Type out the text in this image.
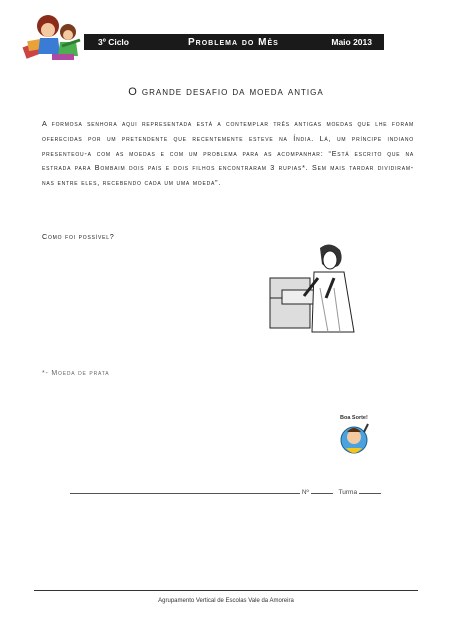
3º Ciclo	Problema do Mês	Maio 2013
O grande desafio da moeda antiga
A formosa senhora aqui representada está a contemplar três antigas moedas que lhe foram oferecidas por um pretendente que recentemente esteve na Índia. Lá, um príncipe indiano presenteou-a com as moedas e com um problema para as acompanhar: “Está escrito que na estrada para Bombaim dois pais e dois filhos encontraram 3 rupias*. Sem mais tardar dividiram-nas entre eles, recebendo cada um uma moeda”.
Como foi possível?
*- Moeda de prata
Boa Sorte!
Nº	Turma
Agrupamento Vertical de Escolas Vale da Amoreira
